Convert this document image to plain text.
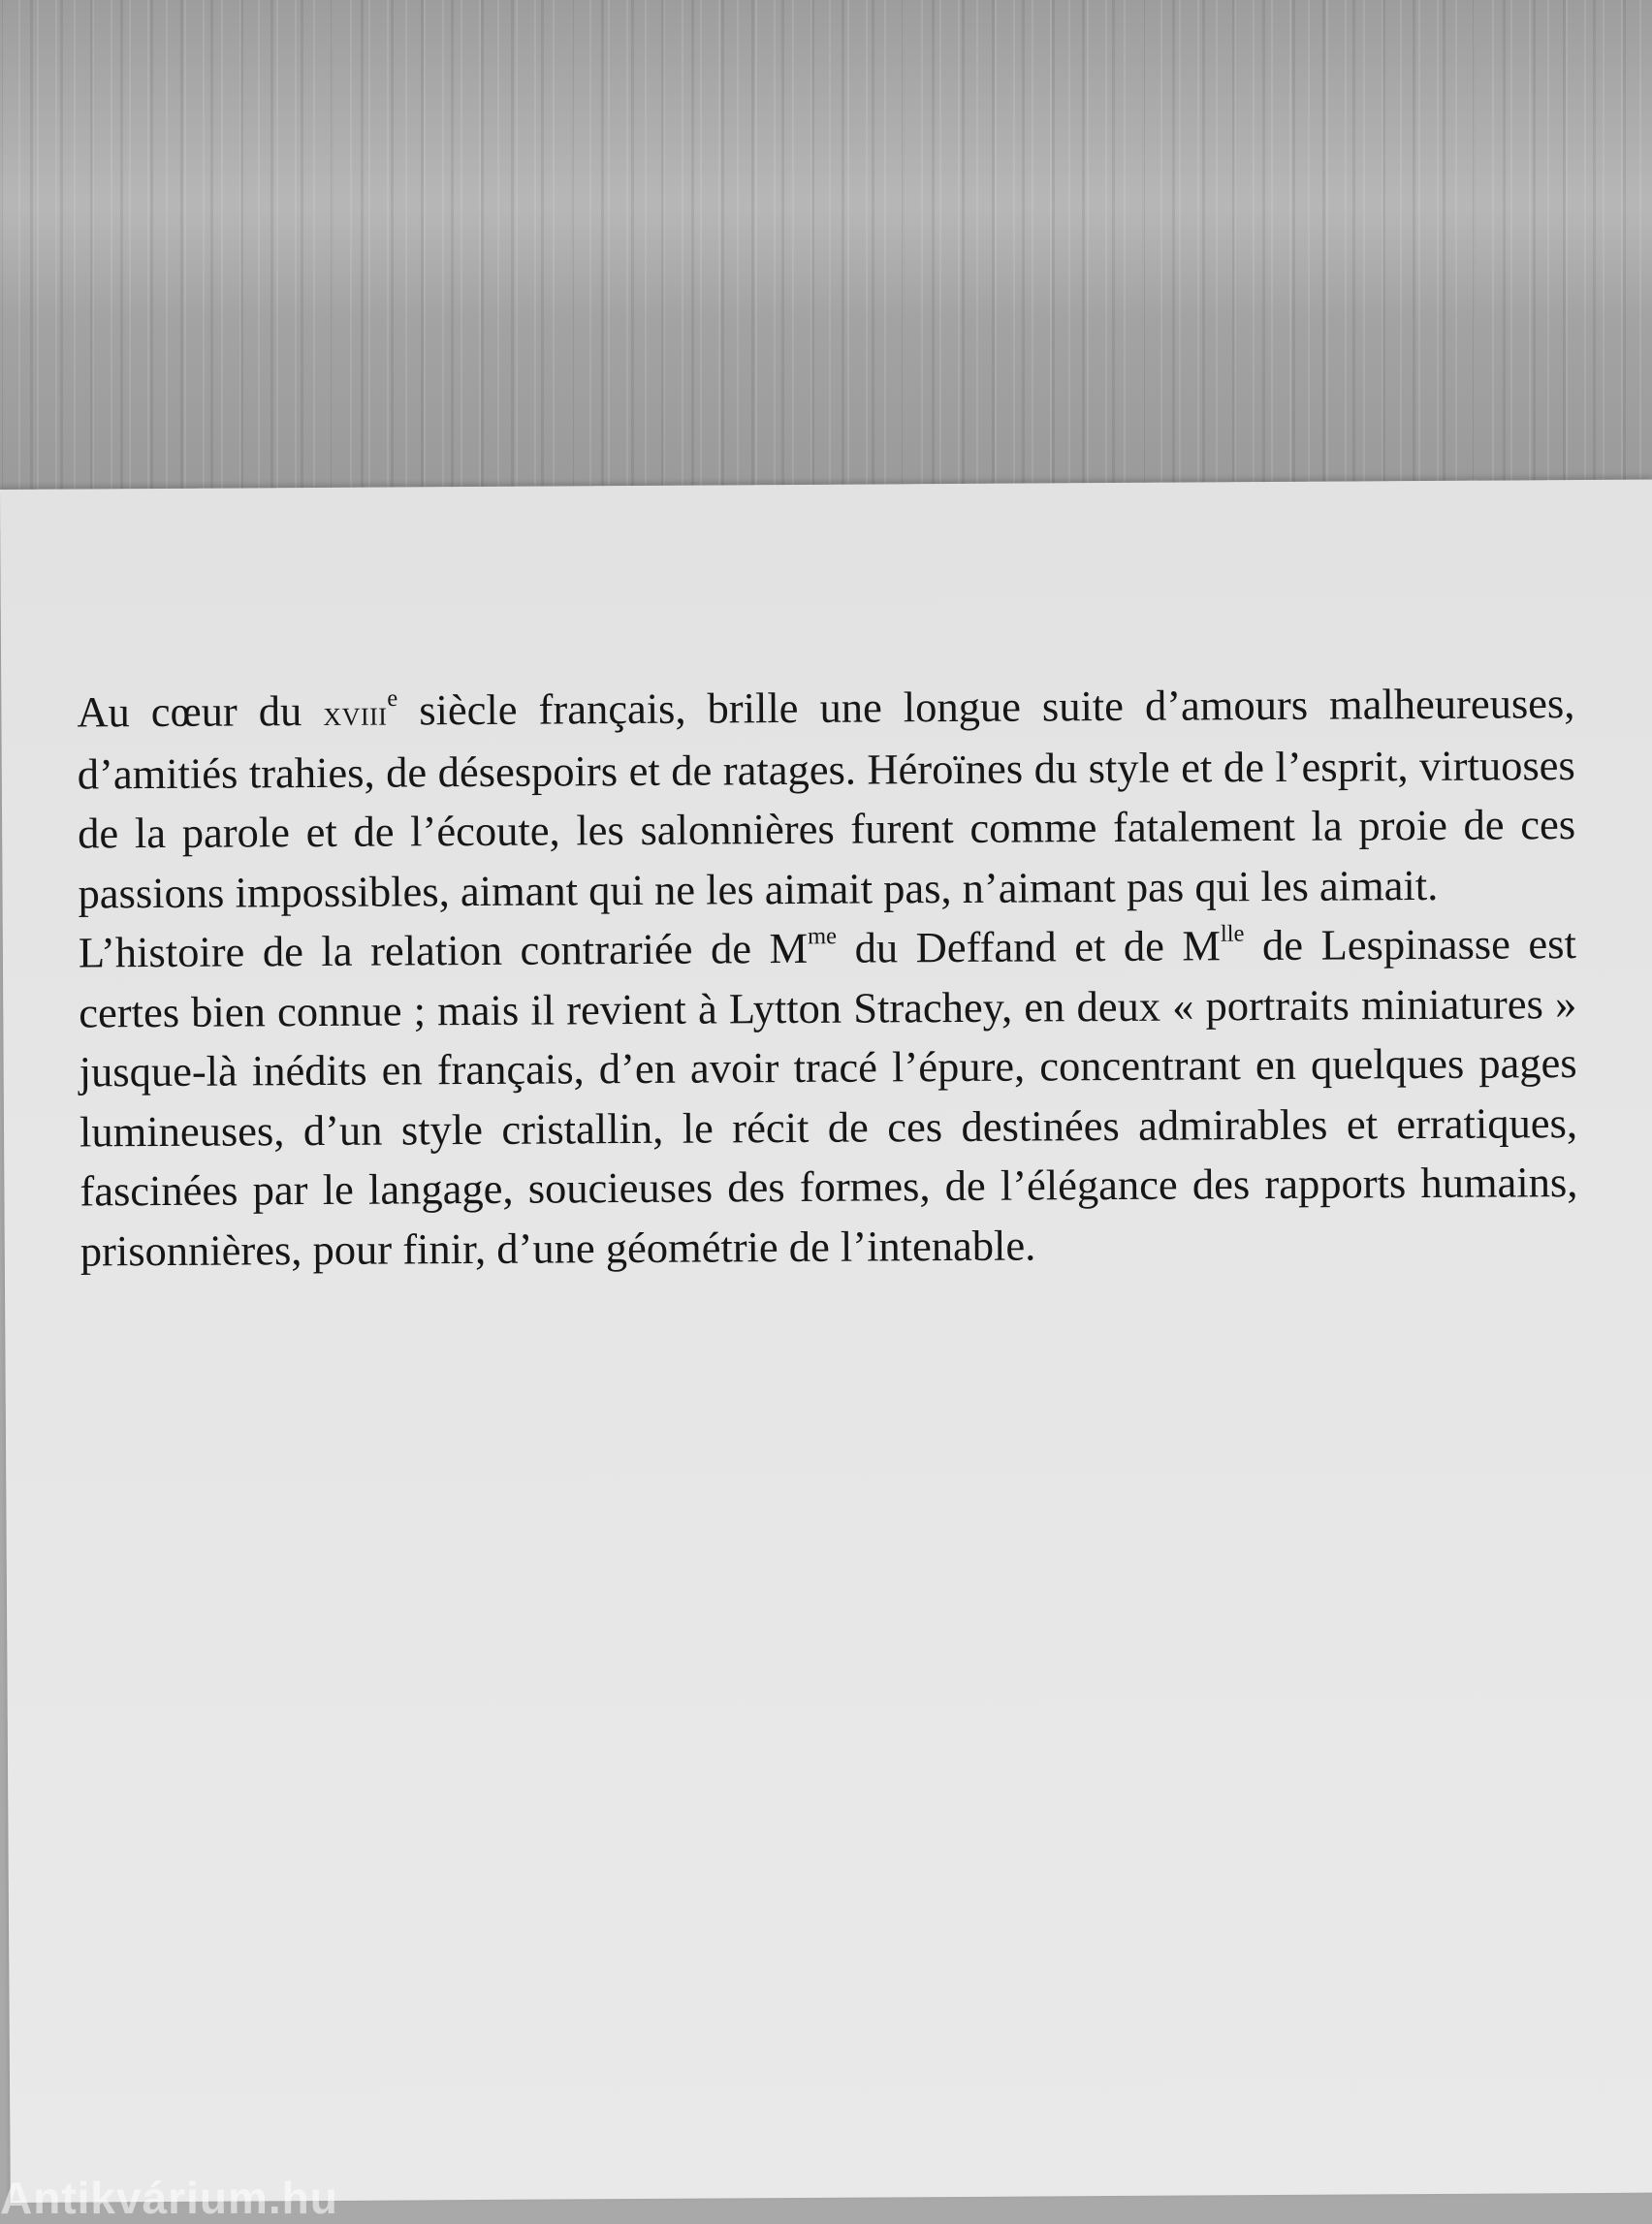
Au cœur du xviii$^e$ siècle français, brille une longue suite d’amours malheureuses, d’amitiés trahies, de désespoirs et de ratages. Héroïnes du style et de l’esprit, virtuoses de la parole et de l’écoute, les salonnières furent comme fatalement la proie de ces passions impossibles, aimant qui ne les aimait pas, n’aimant pas qui les aimait.

L’histoire de la relation contrariée de $M^{me}$ du Deffand et de $M^{lle}$ de Lespinasse est certes bien connue ; mais il revient à Lytton Strachey, en deux « portraits miniatures » jusque-là inédits en français, d’en avoir tracé l’épure, concentrant en quelques pages lumineuses, d’un style cristallin, le récit de ces destinées admirables et erratiques, fascinées par le langage, soucieuses des formes, de l’élégance des rapports humains, prisonnières, pour finir, d’une géométrie de l’intenable.

Antikvárium.hu
